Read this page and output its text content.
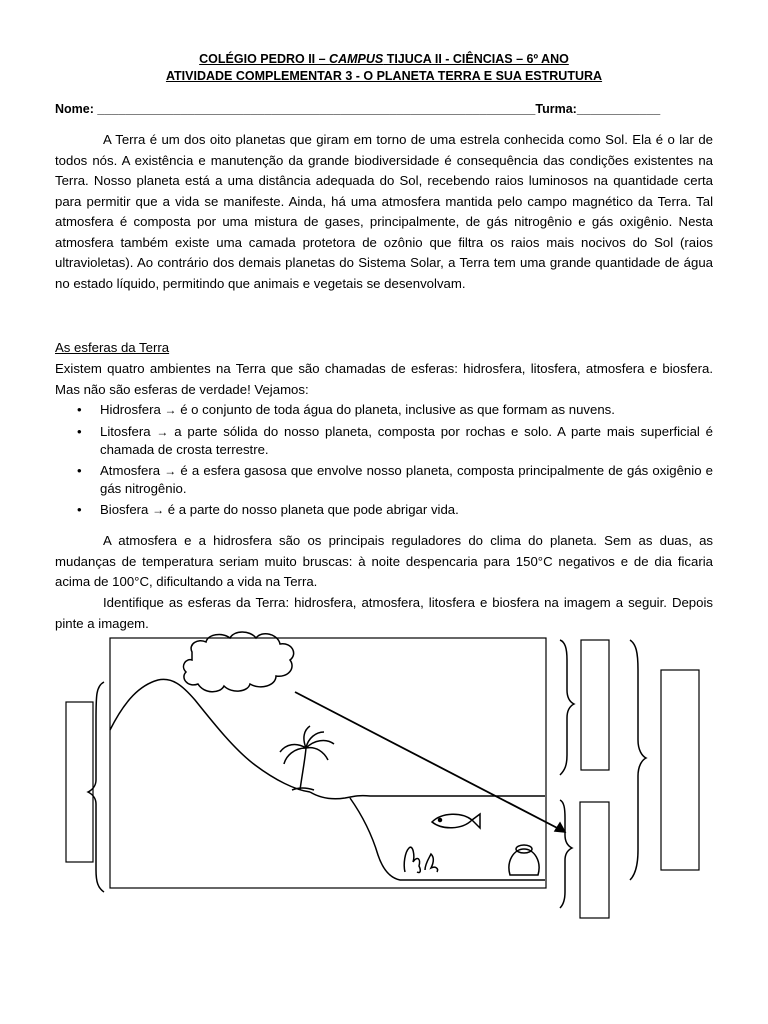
COLÉGIO PEDRO II – CAMPUS TIJUCA II - CIÊNCIAS – 6º ANO
ATIVIDADE COMPLEMENTAR 3 - O PLANETA TERRA E SUA ESTRUTURA
Nome: _______________________________________________________________Turma:____________
A Terra é um dos oito planetas que giram em torno de uma estrela conhecida como Sol. Ela é o lar de todos nós. A existência e manutenção da grande biodiversidade é consequência das condições existentes na Terra. Nosso planeta está a uma distância adequada do Sol, recebendo raios luminosos na quantidade certa para permitir que a vida se manifeste. Ainda, há uma atmosfera mantida pelo campo magnético da Terra. Tal atmosfera é composta por uma mistura de gases, principalmente, de gás nitrogênio e gás oxigênio. Nesta atmosfera também existe uma camada protetora de ozônio que filtra os raios mais nocivos do Sol (raios ultravioletas). Ao contrário dos demais planetas do Sistema Solar, a Terra tem uma grande quantidade de água no estado líquido, permitindo que animais e vegetais se desenvolvam.
As esferas da Terra
Existem quatro ambientes na Terra que são chamadas de esferas: hidrosfera, litosfera, atmosfera e biosfera. Mas não são esferas de verdade! Vejamos:
• Hidrosfera → é o conjunto de toda água do planeta, inclusive as que formam as nuvens.
• Litosfera → a parte sólida do nosso planeta, composta por rochas e solo. A parte mais superficial é chamada de crosta terrestre.
• Atmosfera → é a esfera gasosa que envolve nosso planeta, composta principalmente de gás oxigênio e gás nitrogênio.
• Biosfera → é a parte do nosso planeta que pode abrigar vida.
A atmosfera e a hidrosfera são os principais reguladores do clima do planeta. Sem as duas, as mudanças de temperatura seriam muito bruscas: à noite despencaria para 150°C negativos e de dia ficaria acima de 100°C, dificultando a vida na Terra.
Identifique as esferas da Terra: hidrosfera, atmosfera, litosfera e biosfera na imagem a seguir. Depois pinte a imagem.
